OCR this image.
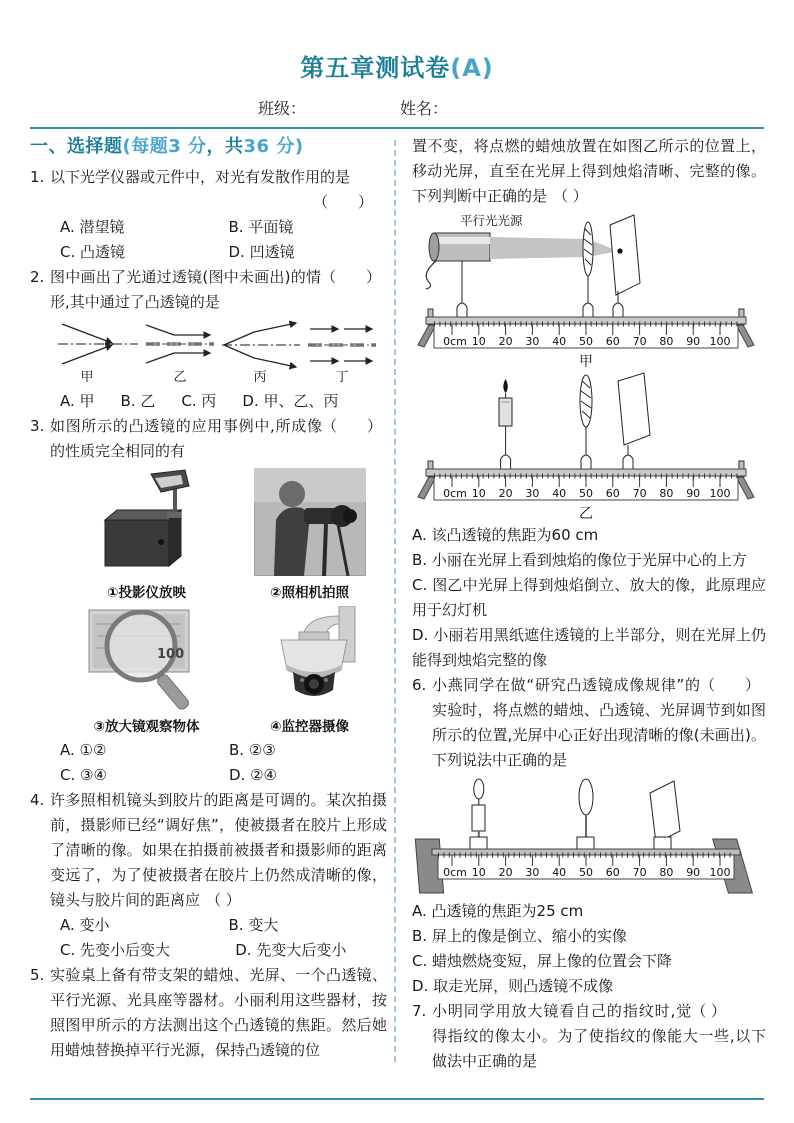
第五章测试卷(A)
班级：	姓名：
一、选择题(每题3 分，共36 分)
1. 以下光学仪器或元件中，对光有发散作用的是

（　　）
A. 潜望镜	B. 平面镜
C. 凸透镜	D. 凹透镜
2.	（　　）
图中画出了光通过透镜(图中未画出)的情形,其中通过了凸透镜的是

甲	乙	丙	丁
A. 甲 B. 乙 C. 丙 D. 甲、乙、丙
3.	（　　）
如图所示的凸透镜的应用事例中,所成像的性质完全相同的有

①投影仪放映	②照相机拍照
100
③放大镜观察物体	④监控器摄像
A. ①②	B. ②③
C. ③④	D. ②④
4. 许多照相机镜头到胶片的距离是可调的。某次拍摄前，摄影师已经“调好焦”，使被摄者在胶片上形成了清晰的像。如果在拍摄前被摄者和摄影师的距离变远了，为了使被摄者在胶片上仍然成清晰的像，镜头与胶片间的距离应 （ ）

A. 变小	B. 变大
C. 先变小后变大	D. 先变大后变小
5. 实验桌上备有带支架的蜡烛、光屏、一个凸透镜、平行光源、光具座等器材。小丽利用这些器材，按照图甲所示的方法测出这个凸透镜的焦距。然后她用蜡烛替换掉平行光源，保持凸透镜的位

置不变，将点燃的蜡烛放置在如图乙所示的位置上，移动光屏，直至在光屏上得到烛焰清晰、完整的像。下列判断中正确的是 （ ）

平行光光源
0cm 10 20 30 40 50 60 70 80 90 100
甲
0cm 10 20 30 40 50 60 70 80 90 100
乙

A. 该凸透镜的焦距为60 cm

B. 小丽在光屏上看到烛焰的像位于光屏中心的上方

C. 图乙中光屏上得到烛焰倒立、放大的像，此原理应用于幻灯机

D. 小丽若用黑纸遮住透镜的上半部分，则在光屏上仍能得到烛焰完整的像

6.	（　　）
小燕同学在做“研究凸透镜成像规律”的实验时，将点燃的蜡烛、凸透镜、光屏调节到如图所示的位置,光屏中心正好出现清晰的像(未画出)。下列说法中正确的是

0cm 10 20 30 40 50 60 70 80 90 100

A. 凸透镜的焦距为25 cm

B. 屏上的像是倒立、缩小的实像

C. 蜡烛燃烧变短，屏上像的位置会下降

D. 取走光屏，则凸透镜不成像

7.	（ ）
小明同学用放大镜看自己的指纹时,觉得指纹的像太小。为了使指纹的像能大一些,以下做法中正确的是
